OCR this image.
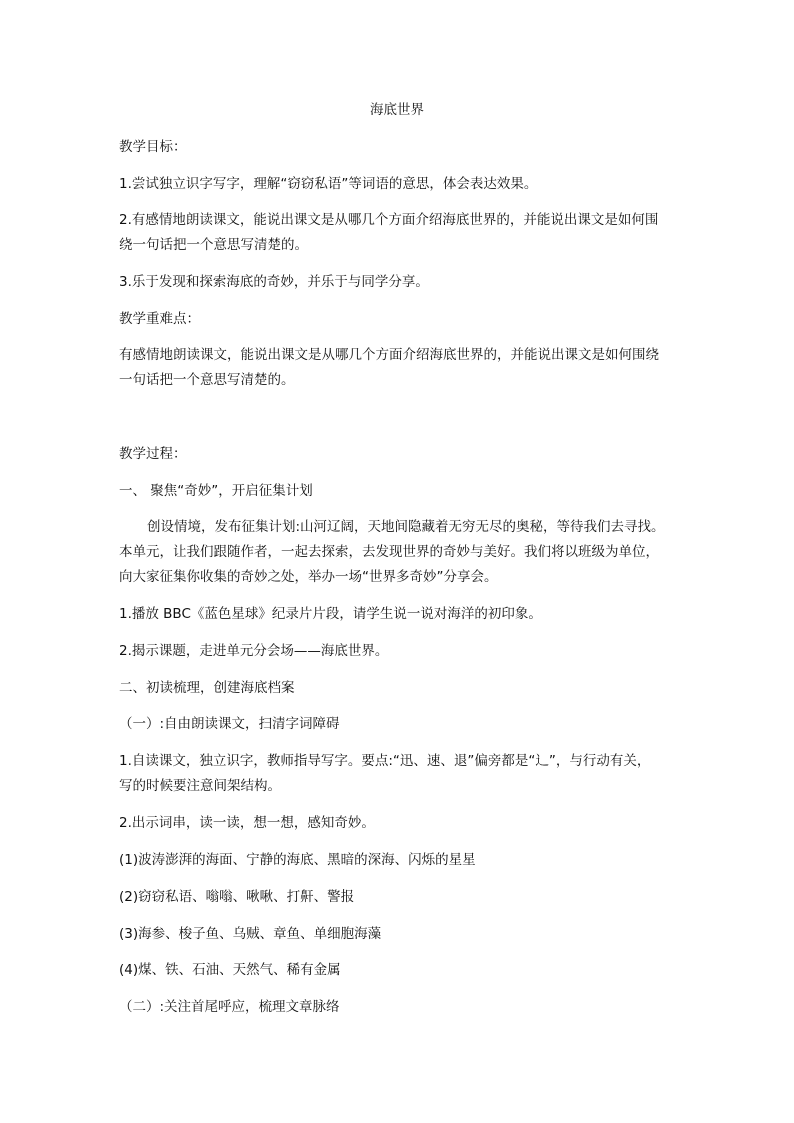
海底世界
教学目标：
1.尝试独立识字写字，理解“窃窃私语”等词语的意思，体会表达效果。
2.有感情地朗读课文，能说出课文是从哪几个方面介绍海底世界的，并能说出课文是如何围
绕一句话把一个意思写清楚的。
3.乐于发现和探索海底的奇妙，并乐于与同学分享。
教学重难点：
有感情地朗读课文，能说出课文是从哪几个方面介绍海底世界的，并能说出课文是如何围绕
一句话把一个意思写清楚的。
教学过程：
一、 聚焦“奇妙”，开启征集计划
创设情境，发布征集计划:山河辽阔，天地间隐藏着无穷无尽的奥秘，等待我们去寻找。
本单元，让我们跟随作者，一起去探索，去发现世界的奇妙与美好。我们将以班级为单位，
向大家征集你收集的奇妙之处，举办一场“世界多奇妙”分享会。
1.播放 BBC《蓝色星球》纪录片片段，请学生说一说对海洋的初印象。
2.揭示课题，走进单元分会场——海底世界。
二、初读梳理，创建海底档案
（一）:自由朗读课文，扫清字词障碍
1.自读课文，独立识字，教师指导写字。要点:“迅、速、退”偏旁都是“辶”，与行动有关，
写的时候要注意间架结构。
2.出示词串，读一读，想一想，感知奇妙。
(1)波涛澎湃的海面、宁静的海底、黑暗的深海、闪烁的星星
(2)窃窃私语、嗡嗡、啾啾、打鼾、警报
(3)海参、梭子鱼、乌贼、章鱼、单细胞海藻
(4)煤、铁、石油、天然气、稀有金属
（二）:关注首尾呼应，梳理文章脉络
